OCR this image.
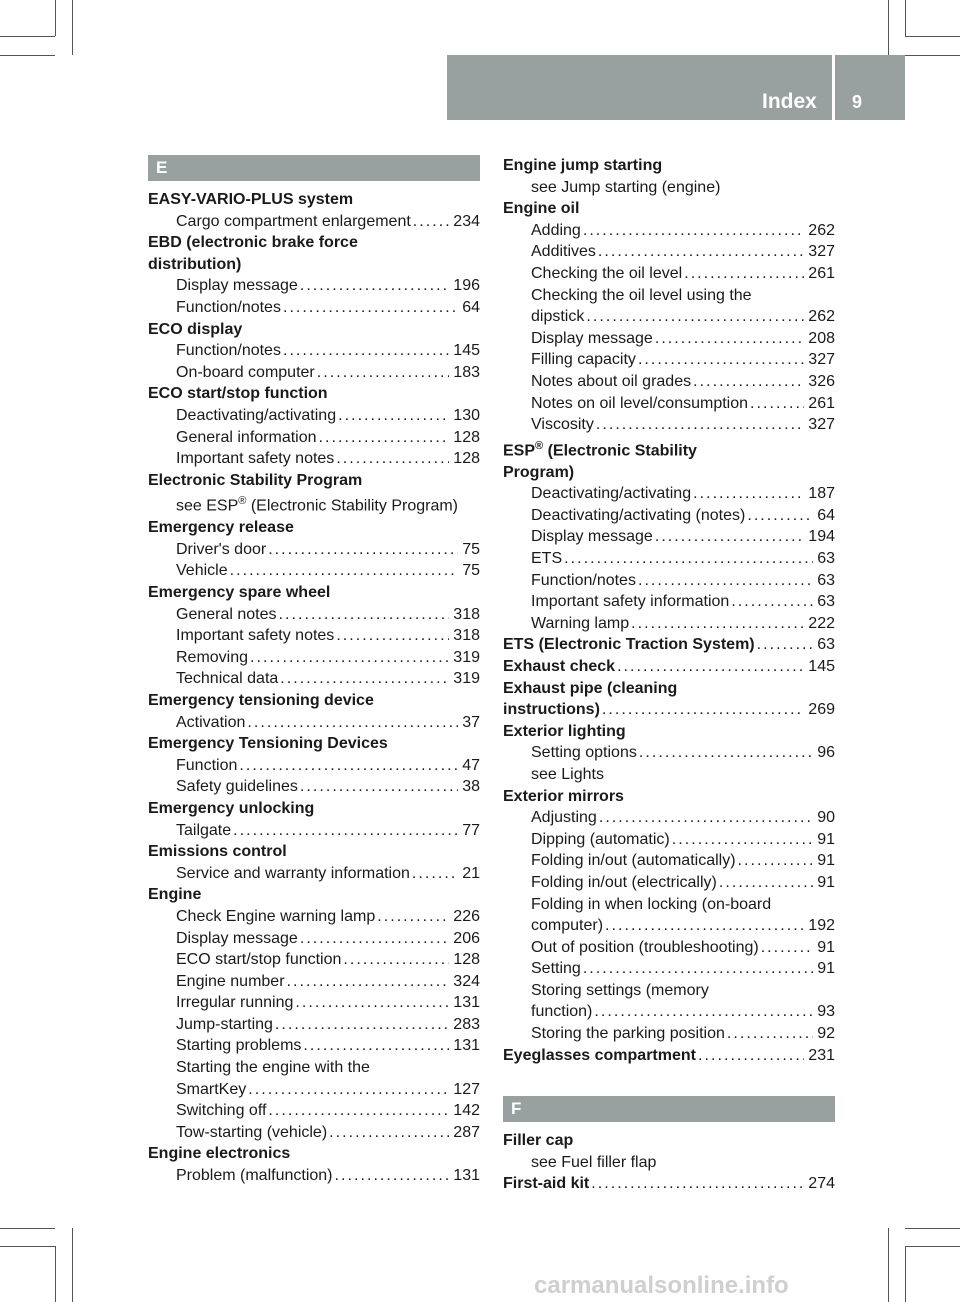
Index 9
E
EASY-VARIO-PLUS system
Cargo compartment enlargement . . .	234
EBD (electronic brake force
distribution)
Display message . . .	196
Function/notes . . .	64
ECO display
Function/notes . . .	145
On-board computer . . .	183
ECO start/stop function
Deactivating/activating . . .	130
General information . . .	128
Important safety notes . . .	128
Electronic Stability Program
see ESP® (Electronic Stability Program)
Emergency release
Driver's door . . .	75
Vehicle . . .	75
Emergency spare wheel
General notes . . .	318
Important safety notes . . .	318
Removing . . .	319
Technical data . . .	319
Emergency tensioning device
Activation . . .	37
Emergency Tensioning Devices
Function . . .	47
Safety guidelines . . .	38
Emergency unlocking
Tailgate . . .	77
Emissions control
Service and warranty information . . .	21
Engine
Check Engine warning lamp . . .	226
Display message . . .	206
ECO start/stop function . . .	128
Engine number . . .	324
Irregular running . . .	131
Jump-starting . . .	283
Starting problems . . .	131
Starting the engine with the
SmartKey . . .	127
Switching off . . .	142
Tow-starting (vehicle) . . .	287
Engine electronics
Problem (malfunction) . . .	131
Engine jump starting
see Jump starting (engine)
Engine oil
Adding . . .	262
Additives . . .	327
Checking the oil level . . .	261
Checking the oil level using the
dipstick . . .	262
Display message . . .	208
Filling capacity . . .	327
Notes about oil grades . . .	326
Notes on oil level/consumption . . .	261
Viscosity . . .	327
ESP® (Electronic Stability
Program)
Deactivating/activating . . .	187
Deactivating/activating (notes) . . .	64
Display message . . .	194
ETS . . .	63
Function/notes . . .	63
Important safety information . . .	63
Warning lamp . . .	222
ETS (Electronic Traction System) . . .	63
Exhaust check . . .	145
Exhaust pipe (cleaning
instructions) . . .	269
Exterior lighting
Setting options . . .	96
see Lights
Exterior mirrors
Adjusting . . .	90
Dipping (automatic) . . .	91
Folding in/out (automatically) . . .	91
Folding in/out (electrically) . . .	91
Folding in when locking (on-board
computer) . . .	192
Out of position (troubleshooting) . . .	91
Setting . . .	91
Storing settings (memory
function) . . .	93
Storing the parking position . . .	92
Eyeglasses compartment . . .	231
F
Filler cap
see Fuel filler flap
First-aid kit . . .	274
carmanualsonline.info
